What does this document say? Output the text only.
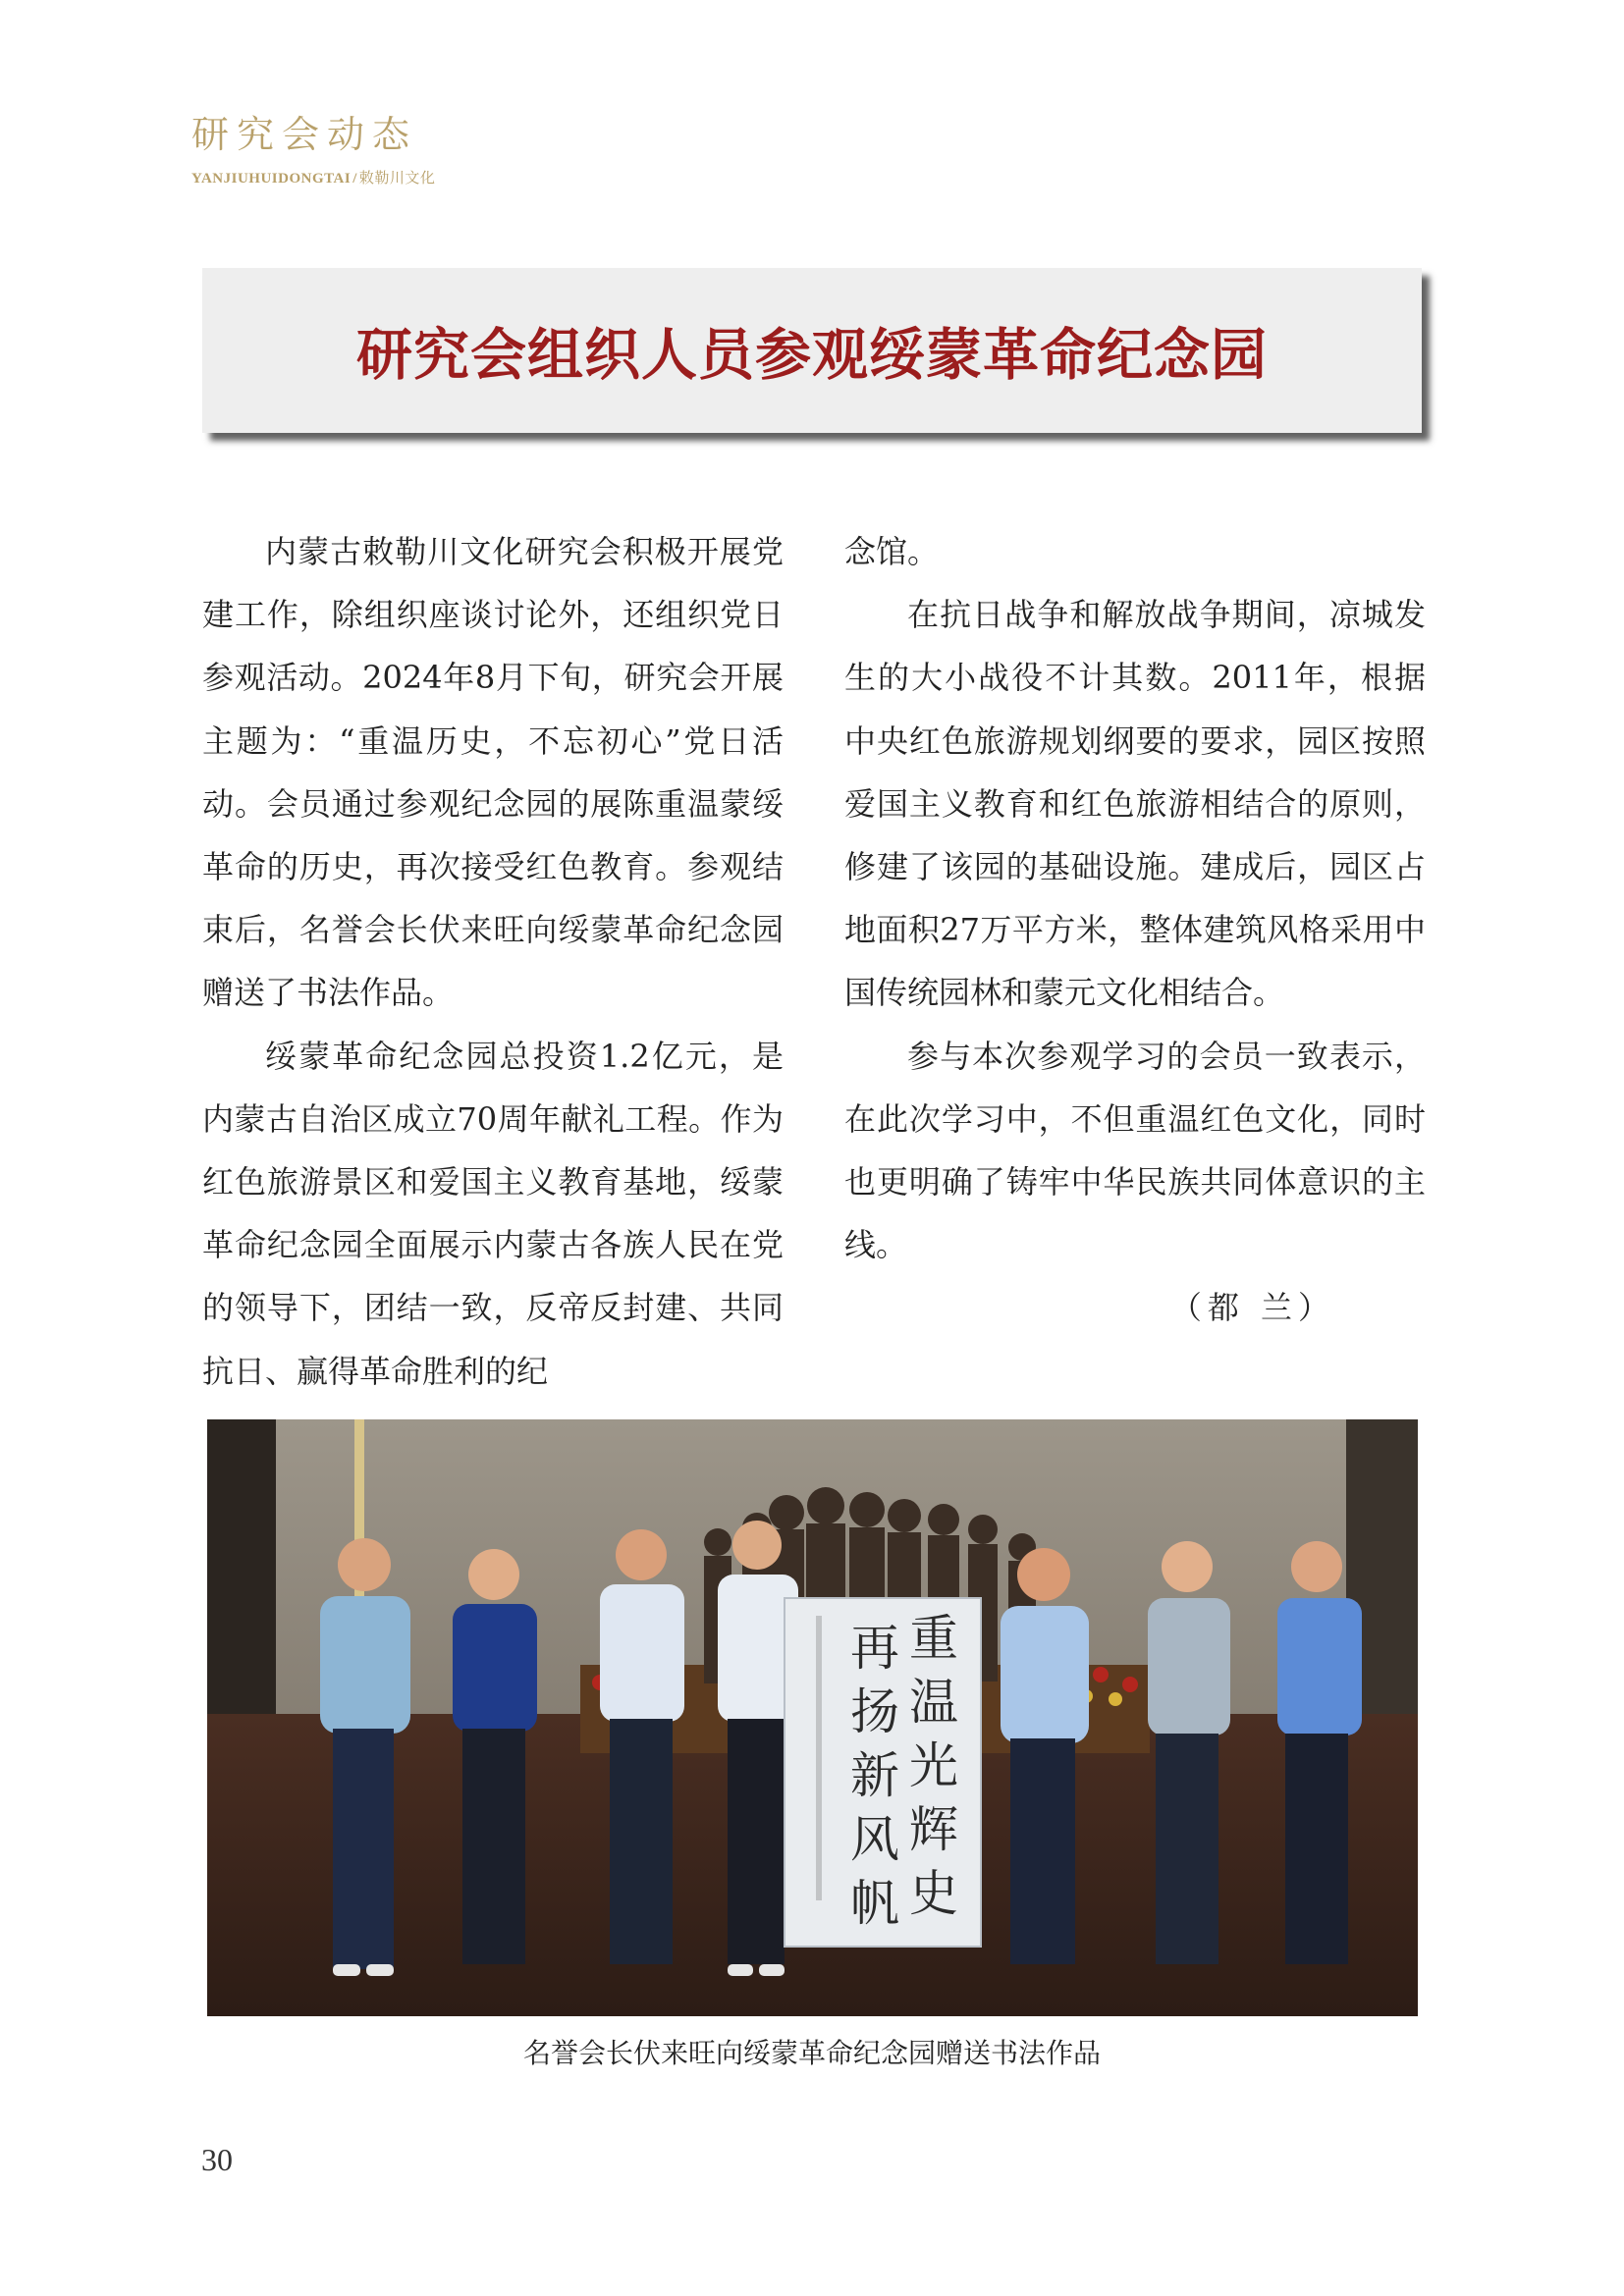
研究会动态
YANJIUHUIDONGTAI / 敕勒川文化
研究会组织人员参观绥蒙革命纪念园

内蒙古敕勒川文化研究会积极开展党建工作，除组织座谈讨论外，还组织党日参观活动。2024年8月下旬，研究会开展主题为：“重温历史，不忘初心”党日活动。会员通过参观纪念园的展陈重温蒙绥革命的历史，再次接受红色教育。参观结束后，名誉会长伏来旺向绥蒙革命纪念园赠送了书法作品。

绥蒙革命纪念园总投资1.2亿元，是内蒙古自治区成立70周年献礼工程。作为红色旅游景区和爱国主义教育基地，绥蒙革命纪念园全面展示内蒙古各族人民在党的领导下，团结一致，反帝反封建、共同抗日、赢得革命胜利的纪

念馆。

在抗日战争和解放战争期间，凉城发生的大小战役不计其数。2011年，根据中央红色旅游规划纲要的要求，园区按照爱国主义教育和红色旅游相结合的原则，修建了该园的基础设施。建成后，园区占地面积27万平方米，整体建筑风格采用中国传统园林和蒙元文化相结合。

参与本次参观学习的会员一致表示，在此次学习中，不但重温红色文化，同时也更明确了铸牢中华民族共同体意识的主线。

（都 兰）

重
温
光
辉
史
再
扬
新
风
帆
名誉会长伏来旺向绥蒙革命纪念园赠送书法作品
30
